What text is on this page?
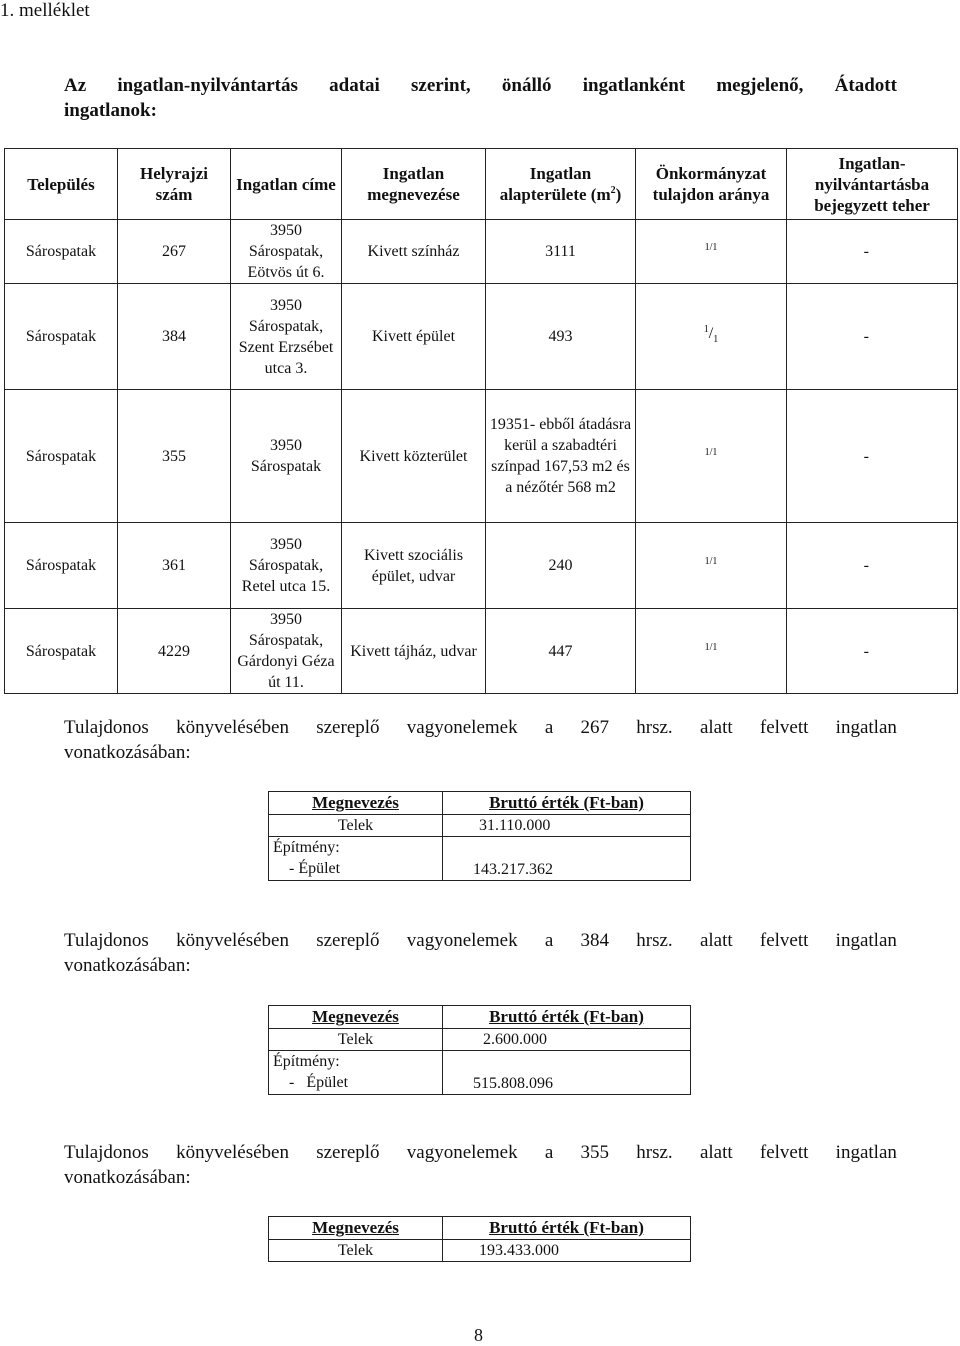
1. melléklet
Az ingatlan-nyilvántartás adatai szerint, önálló ingatlanként megjelenő, Átadott
ingatlanok:
Település	Helyrajzi szám	Ingatlan címe	Ingatlan megnevezése	Ingatlan alapterülete $(m^2)$	Önkormányzat tulajdon aránya	Ingatlan-nyilvántartásba bejegyzett teher
Sárospatak	267	3950 Sárospatak, Eötvös út 6.	Kivett színház	3111	$^{1/1}$	-
Sárospatak	384	3950 Sárospatak, Szent Erzsébet utca 3.	Kivett épület	493	$^1/_1$	-
Sárospatak	355	3950 Sárospatak	Kivett közterület	19351- ebből átadásra kerül a szabadtéri színpad 167,53 m2 és a nézőtér 568 m2	$^{1/1}$	-
Sárospatak	361	3950 Sárospatak, Retel utca 15.	Kivett szociális épület, udvar	240	$^{1/1}$	-
Sárospatak	4229	3950 Sárospatak, Gárdonyi Géza út 11.	Kivett tájház, udvar	447	$^{1/1}$	-
Tulajdonos könyvelésében szereplő vagyonelemek a 267 hrsz. alatt felvett ingatlan
vonatkozásában:
Megnevezés	Bruttó érték (Ft-ban)
Telek	31.110.000

Építmény:
- Épület	143.217.362
Tulajdonos könyvelésében szereplő vagyonelemek a 384 hrsz. alatt felvett ingatlan
vonatkozásában:
Megnevezés	Bruttó érték (Ft-ban)
Telek	2.600.000

Építmény:
-   Épület	515.808.096
Tulajdonos könyvelésében szereplő vagyonelemek a 355 hrsz. alatt felvett ingatlan
vonatkozásában:
Megnevezés	Bruttó érték (Ft-ban)
Telek	193.433.000
8
